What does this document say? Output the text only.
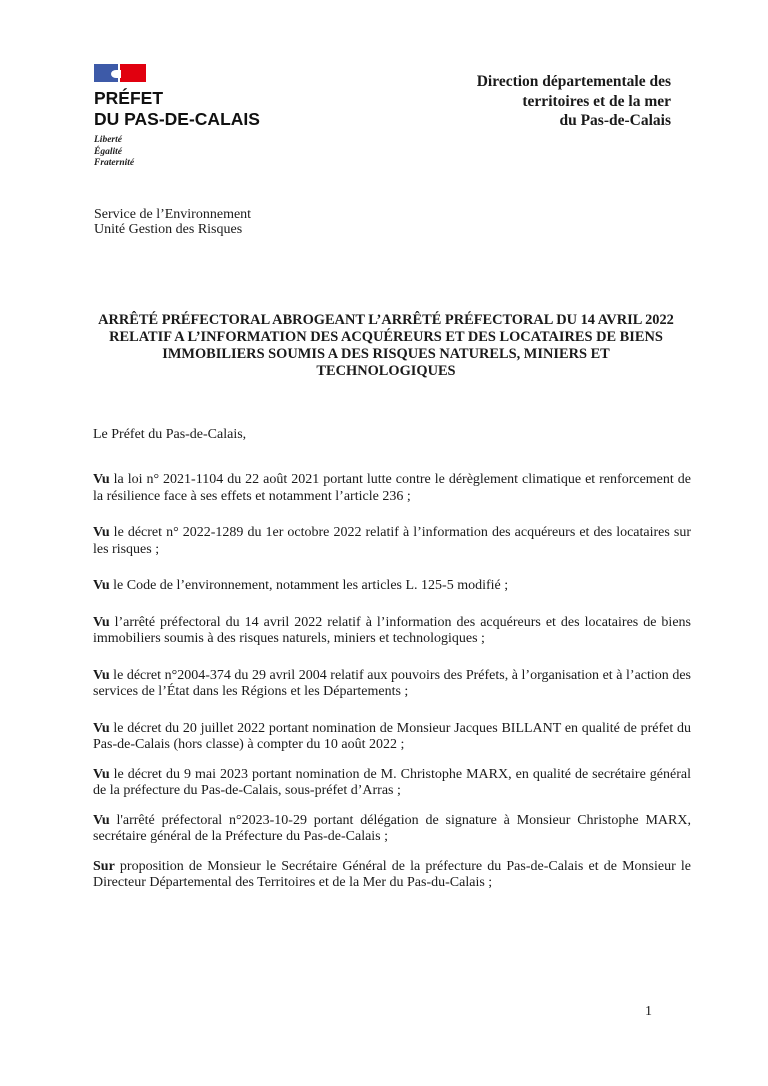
PRÉFET
DU PAS-DE-CALAIS
Liberté
Égalité
Fraternité
Direction départementale des
territoires et de la mer
du Pas-de-Calais
Service de l’Environnement
Unité Gestion des Risques
ARRÊTÉ PRÉFECTORAL ABROGEANT L’ARRÊTÉ PRÉFECTORAL DU 14 AVRIL 2022 RELATIF A L’INFORMATION DES ACQUÉREURS ET DES LOCATAIRES DE BIENS IMMOBILIERS SOUMIS A DES RISQUES NATURELS, MINIERS ET TECHNOLOGIQUES
Le Préfet du Pas-de-Calais,
Vu la loi n° 2021-1104 du 22 août 2021 portant lutte contre le dérèglement climatique et renforcement de la résilience face à ses effets et notamment l’article 236 ;
Vu le décret n° 2022-1289 du 1er octobre 2022 relatif à l’information des acquéreurs et des locataires sur les risques ;
Vu le Code de l’environnement, notamment les articles L. 125-5 modifié ;
Vu l’arrêté préfectoral du 14 avril 2022 relatif à l’information des acquéreurs et des locataires de biens immobiliers soumis à des risques naturels, miniers et technologiques ;
Vu le décret n°2004-374 du 29 avril 2004 relatif aux pouvoirs des Préfets, à l’organisation et à l’action des services de l’État dans les Régions et les Départements ;
Vu le décret du 20 juillet 2022 portant nomination de Monsieur Jacques BILLANT en qualité de préfet du Pas-de-Calais (hors classe) à compter du 10 août 2022 ;
Vu le décret du 9 mai 2023 portant nomination de M. Christophe MARX, en qualité de secrétaire général de la préfecture du Pas-de-Calais, sous-préfet d’Arras ;
Vu l'arrêté préfectoral n°2023-10-29 portant délégation de signature à Monsieur Christophe MARX, secrétaire général de la Préfecture du Pas-de-Calais ;
Sur proposition de Monsieur le Secrétaire Général de la préfecture du Pas-de-Calais et de Monsieur le Directeur Départemental des Territoires et de la Mer du Pas-du-Calais ;
1
